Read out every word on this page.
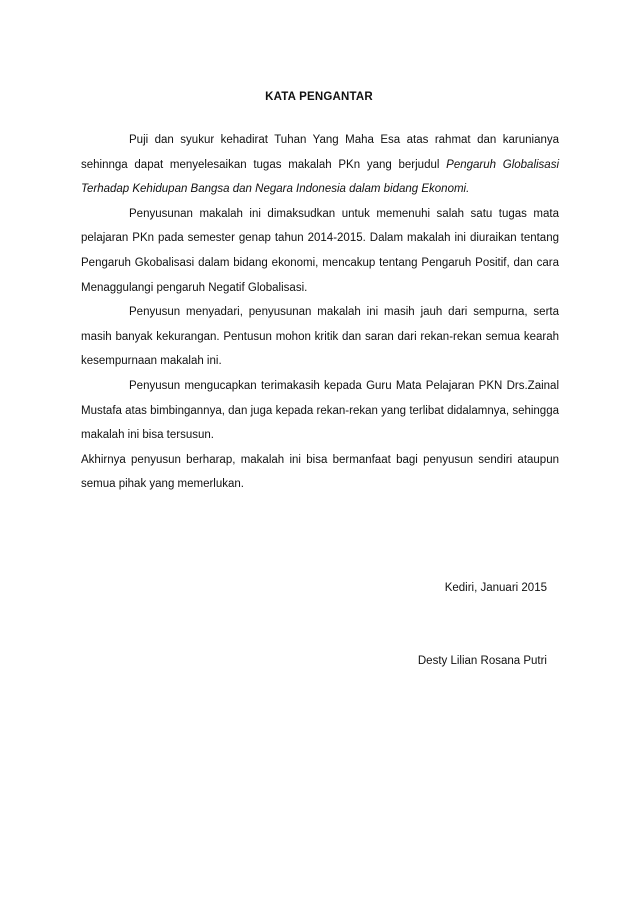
KATA PENGANTAR

Puji dan syukur kehadirat Tuhan Yang Maha Esa atas rahmat dan karunianya sehinnga dapat menyelesaikan tugas makalah PKn yang berjudul Pengaruh Globalisasi Terhadap Kehidupan Bangsa dan Negara Indonesia dalam bidang Ekonomi.

Penyusunan makalah ini dimaksudkan untuk memenuhi salah satu tugas mata pelajaran PKn pada semester genap tahun 2014-2015. Dalam makalah ini diuraikan tentang Pengaruh Gkobalisasi dalam bidang ekonomi, mencakup tentang Pengaruh Positif, dan cara Menaggulangi pengaruh Negatif Globalisasi.

Penyusun menyadari, penyusunan makalah ini masih jauh dari sempurna, serta masih banyak kekurangan. Pentusun mohon kritik dan saran dari rekan-rekan semua kearah kesempurnaan makalah ini.

Penyusun mengucapkan terimakasih kepada Guru Mata Pelajaran PKN Drs.Zainal Mustafa atas bimbingannya, dan juga kepada rekan-rekan yang terlibat didalamnya, sehingga makalah ini bisa tersusun.

Akhirnya penyusun berharap, makalah ini bisa bermanfaat bagi penyusun sendiri ataupun semua pihak yang memerlukan.

Kediri, Januari 2015
Desty Lilian Rosana Putri
